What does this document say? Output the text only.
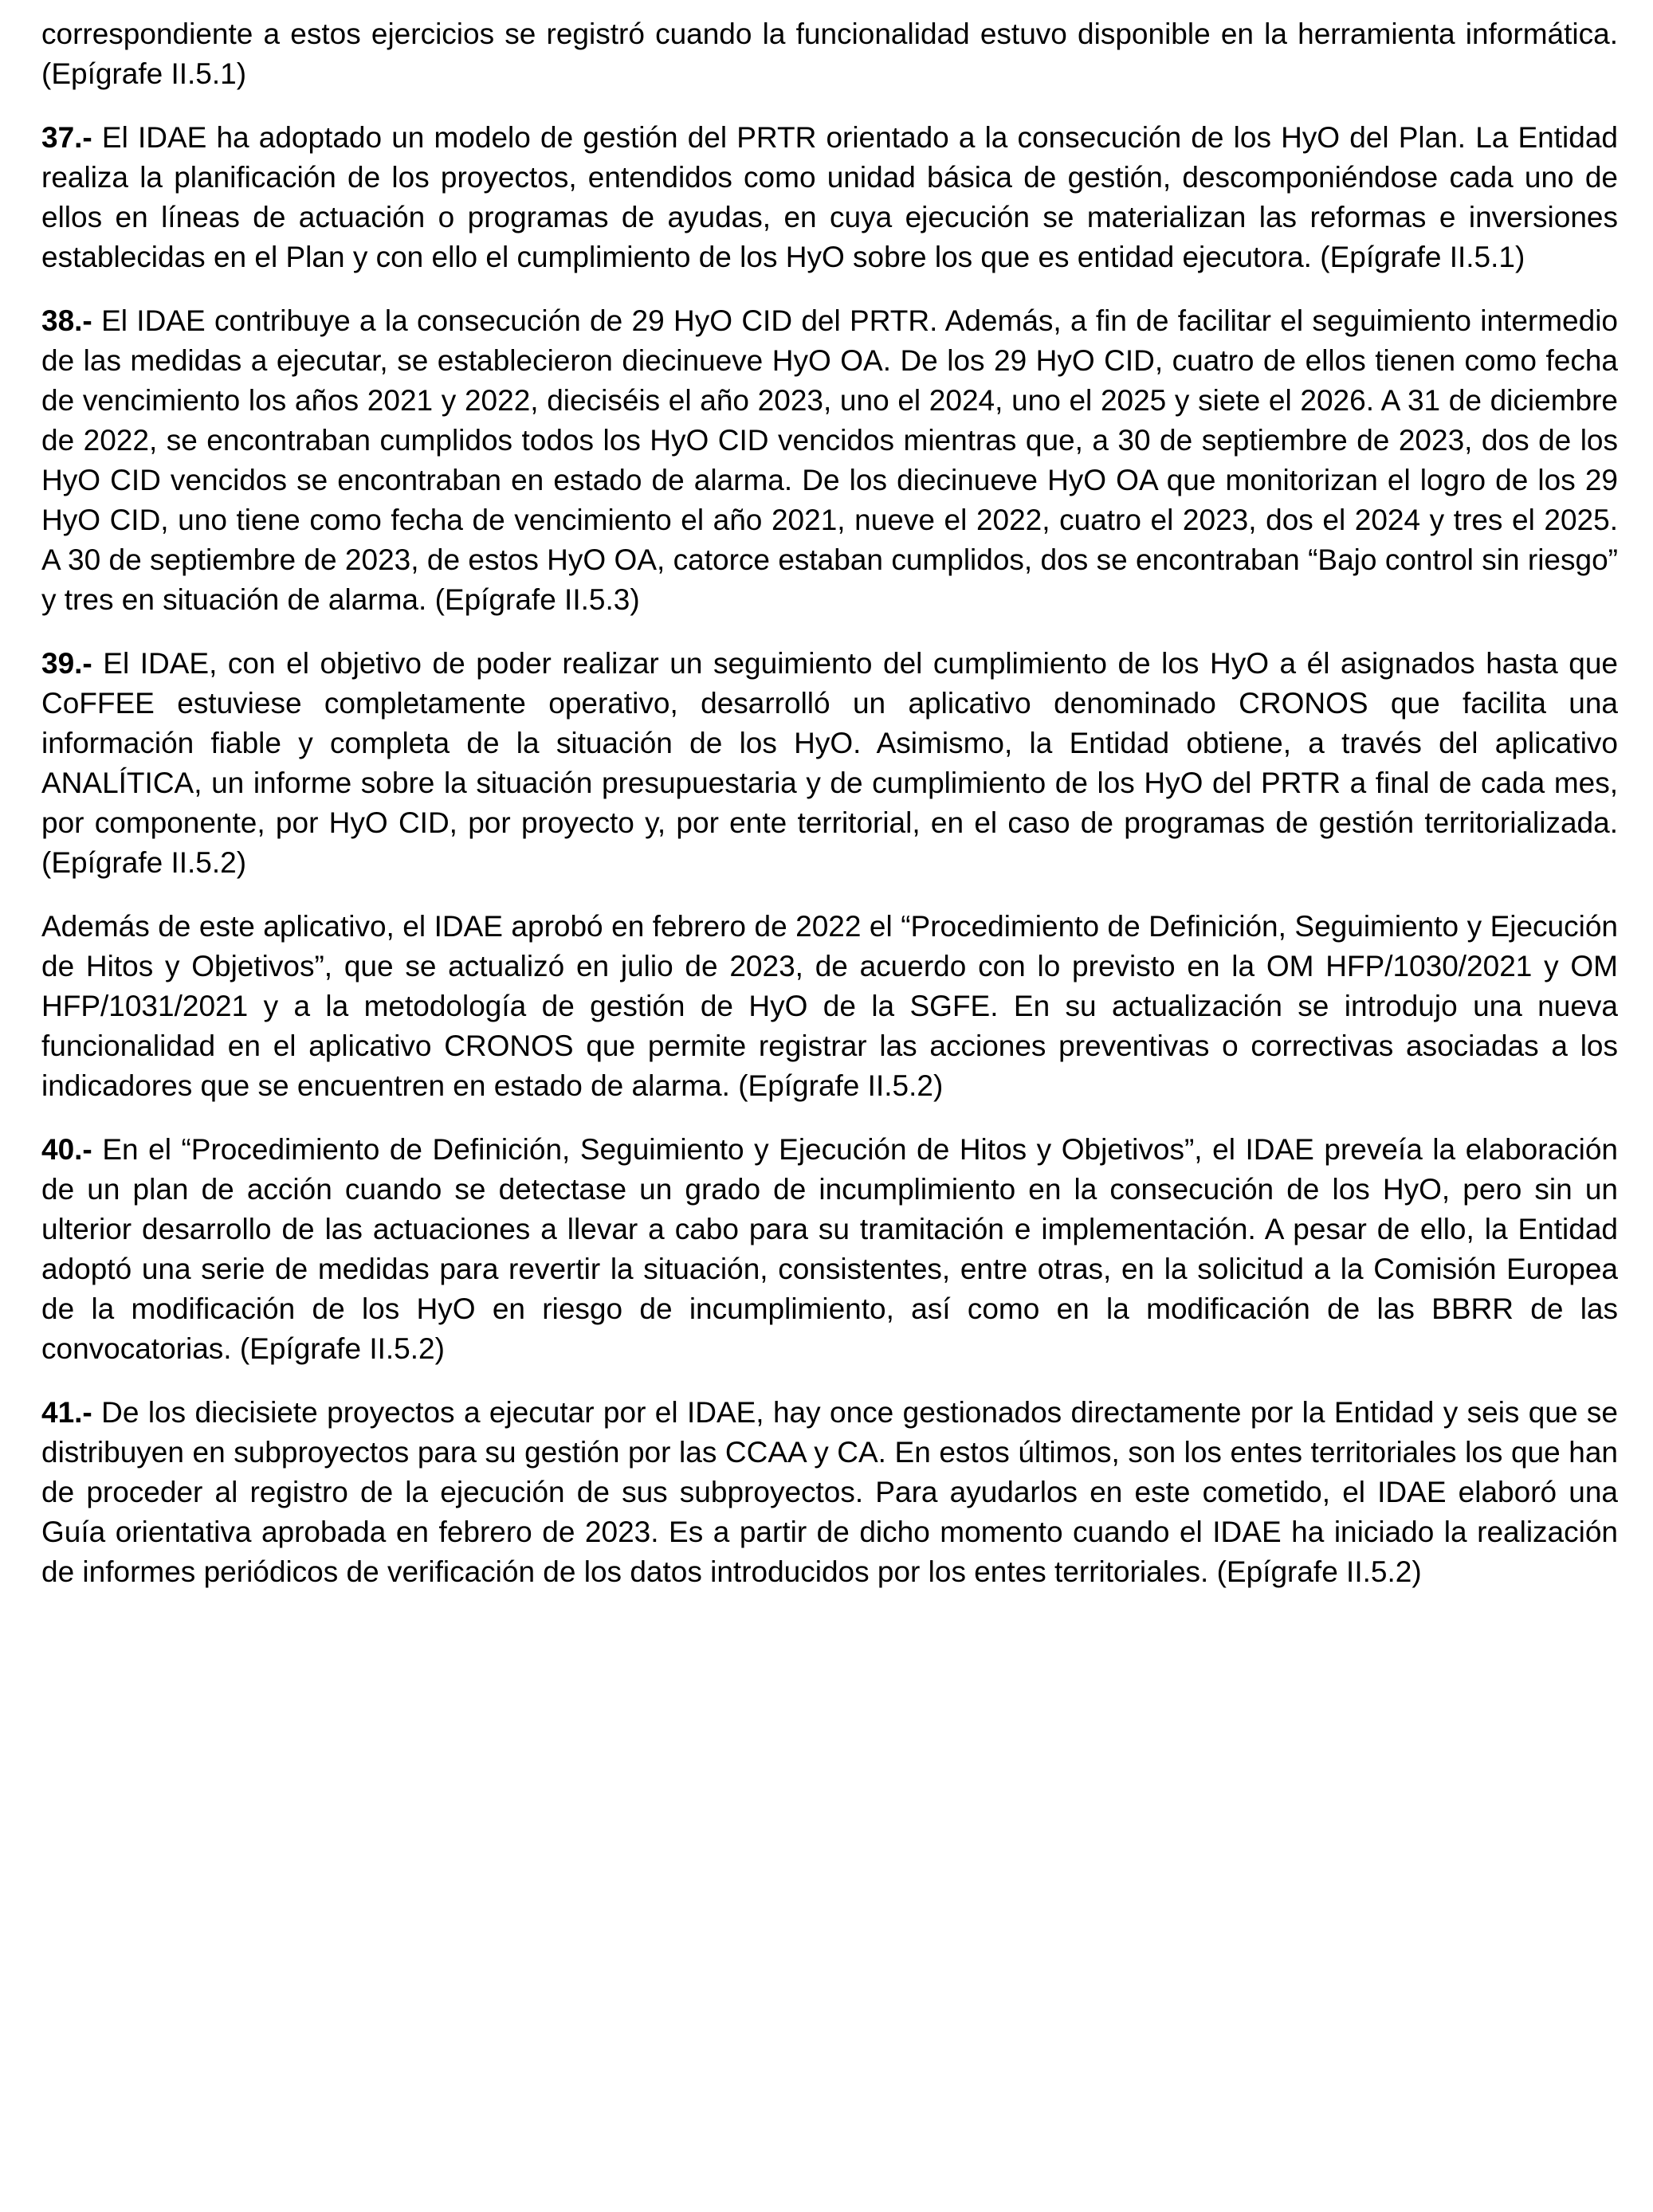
correspondiente a estos ejercicios se registró cuando la funcionalidad estuvo disponible en la herramienta informática. (Epígrafe II.5.1)

37.- El IDAE ha adoptado un modelo de gestión del PRTR orientado a la consecución de los HyO del Plan. La Entidad realiza la planificación de los proyectos, entendidos como unidad básica de gestión, descomponiéndose cada uno de ellos en líneas de actuación o programas de ayudas, en cuya ejecución se materializan las reformas e inversiones establecidas en el Plan y con ello el cumplimiento de los HyO sobre los que es entidad ejecutora. (Epígrafe II.5.1)

38.- El IDAE contribuye a la consecución de 29 HyO CID del PRTR. Además, a fin de facilitar el seguimiento intermedio de las medidas a ejecutar, se establecieron diecinueve HyO OA. De los 29 HyO CID, cuatro de ellos tienen como fecha de vencimiento los años 2021 y 2022, dieciséis el año 2023, uno el 2024, uno el 2025 y siete el 2026. A 31 de diciembre de 2022, se encontraban cumplidos todos los HyO CID vencidos mientras que, a 30 de septiembre de 2023, dos de los HyO CID vencidos se encontraban en estado de alarma. De los diecinueve HyO OA que monitorizan el logro de los 29 HyO CID, uno tiene como fecha de vencimiento el año 2021, nueve el 2022, cuatro el 2023, dos el 2024 y tres el 2025. A 30 de septiembre de 2023, de estos HyO OA, catorce estaban cumplidos, dos se encontraban “Bajo control sin riesgo” y tres en situación de alarma. (Epígrafe II.5.3)

39.- El IDAE, con el objetivo de poder realizar un seguimiento del cumplimiento de los HyO a él asignados hasta que CoFFEE estuviese completamente operativo, desarrolló un aplicativo denominado CRONOS que facilita una información fiable y completa de la situación de los HyO. Asimismo, la Entidad obtiene, a través del aplicativo ANALÍTICA, un informe sobre la situación presupuestaria y de cumplimiento de los HyO del PRTR a final de cada mes, por componente, por HyO CID, por proyecto y, por ente territorial, en el caso de programas de gestión territorializada. (Epígrafe II.5.2)

Además de este aplicativo, el IDAE aprobó en febrero de 2022 el “Procedimiento de Definición, Seguimiento y Ejecución de Hitos y Objetivos”, que se actualizó en julio de 2023, de acuerdo con lo previsto en la OM HFP/1030/2021 y OM HFP/1031/2021 y a la metodología de gestión de HyO de la SGFE. En su actualización se introdujo una nueva funcionalidad en el aplicativo CRONOS que permite registrar las acciones preventivas o correctivas asociadas a los indicadores que se encuentren en estado de alarma. (Epígrafe II.5.2)

40.- En el “Procedimiento de Definición, Seguimiento y Ejecución de Hitos y Objetivos”, el IDAE preveía la elaboración de un plan de acción cuando se detectase un grado de incumplimiento en la consecución de los HyO, pero sin un ulterior desarrollo de las actuaciones a llevar a cabo para su tramitación e implementación. A pesar de ello, la Entidad adoptó una serie de medidas para revertir la situación, consistentes, entre otras, en la solicitud a la Comisión Europea de la modificación de los HyO en riesgo de incumplimiento, así como en la modificación de las BBRR de las convocatorias. (Epígrafe II.5.2)

41.- De los diecisiete proyectos a ejecutar por el IDAE, hay once gestionados directamente por la Entidad y seis que se distribuyen en subproyectos para su gestión por las CCAA y CA. En estos últimos, son los entes territoriales los que han de proceder al registro de la ejecución de sus subproyectos. Para ayudarlos en este cometido, el IDAE elaboró una Guía orientativa aprobada en febrero de 2023. Es a partir de dicho momento cuando el IDAE ha iniciado la realización de informes periódicos de verificación de los datos introducidos por los entes territoriales. (Epígrafe II.5.2)
